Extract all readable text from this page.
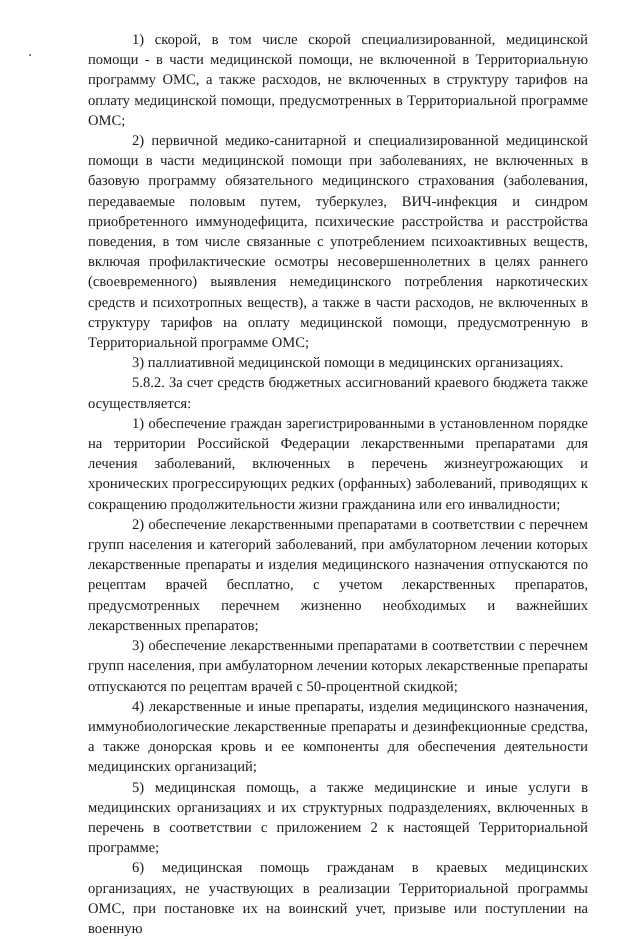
1) скорой, в том числе скорой специализированной, медицинской помощи - в части медицинской помощи, не включенной в Территориальную программу ОМС, а также расходов, не включенных в структуру тарифов на оплату медицинской помощи, предусмотренных в Территориальной программе ОМС;

2) первичной медико-санитарной и специализированной медицинской помощи в части медицинской помощи при заболеваниях, не включенных в базовую программу обязательного медицинского страхования (заболевания, передаваемые половым путем, туберкулез, ВИЧ-инфекция и синдром приобретенного иммунодефицита, психические расстройства и расстройства поведения, в том числе связанные с употреблением психоактивных веществ, включая профилактические осмотры несовершеннолетних в целях раннего (своевременного) выявления немедицинского потребления наркотических средств и психотропных веществ), а также в части расходов, не включенных в структуру тарифов на оплату медицинской помощи, предусмотренную в Территориальной программе ОМС;

3) паллиативной медицинской помощи в медицинских организациях.

5.8.2. За счет средств бюджетных ассигнований краевого бюджета также осуществляется:

1) обеспечение граждан зарегистрированными в установленном порядке на территории Российской Федерации лекарственными препаратами для лечения заболеваний, включенных в перечень жизнеугрожающих и хронических прогрессирующих редких (орфанных) заболеваний, приводящих к сокращению продолжительности жизни гражданина или его инвалидности;

2) обеспечение лекарственными препаратами в соответствии с перечнем групп населения и категорий заболеваний, при амбулаторном лечении которых лекарственные препараты и изделия медицинского назначения отпускаются по рецептам врачей бесплатно, с учетом лекарственных препаратов, предусмотренных перечнем жизненно необходимых и важнейших лекарственных препаратов;

3) обеспечение лекарственными препаратами в соответствии с перечнем групп населения, при амбулаторном лечении которых лекарственные препараты отпускаются по рецептам врачей с 50-процентной скидкой;

4) лекарственные и иные препараты, изделия медицинского назначения, иммунобиологические лекарственные препараты и дезинфекционные средства, а также донорская кровь и ее компоненты для обеспечения деятельности медицинских организаций;

5) медицинская помощь, а также медицинские и иные услуги в медицинских организациях и их структурных подразделениях, включенных в перечень в соответствии с приложением 2 к настоящей Территориальной программе;

6) медицинская помощь гражданам в краевых медицинских организациях, не участвующих в реализации Территориальной программы ОМС, при постановке их на воинский учет, призыве или поступлении на военную
